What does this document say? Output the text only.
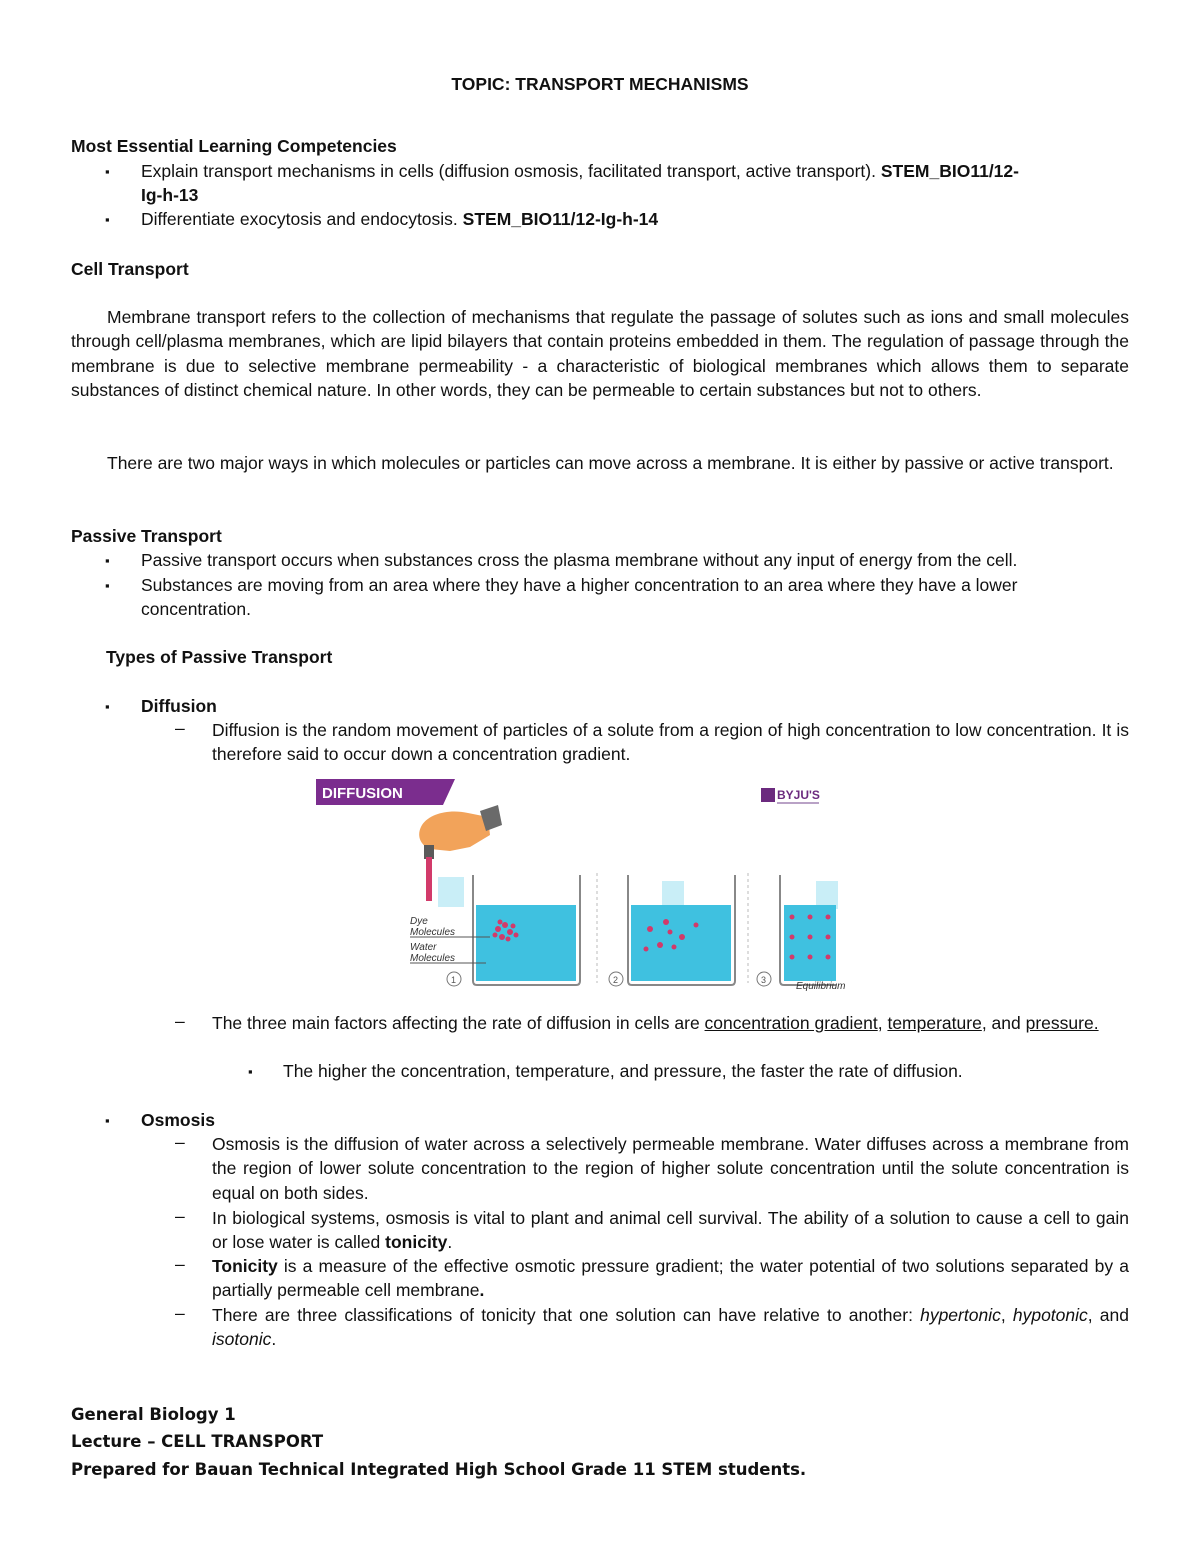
TOPIC: TRANSPORT MECHANISMS
Most Essential Learning Competencies
▪ Explain transport mechanisms in cells (diffusion osmosis, facilitated transport, active transport). STEM_BIO11/12-
Ig-h-13
▪ Differentiate exocytosis and endocytosis. STEM_BIO11/12-Ig-h-14
Cell Transport
Membrane transport refers to the collection of mechanisms that regulate the passage of solutes such as ions and small molecules through cell/plasma membranes, which are lipid bilayers that contain proteins embedded in them. The regulation of passage through the membrane is due to selective membrane permeability - a characteristic of biological membranes which allows them to separate substances of distinct chemical nature. In other words, they can be permeable to certain substances but not to others.
There are two major ways in which molecules or particles can move across a membrane. It is either by passive or active transport.
Passive Transport
▪ Passive transport occurs when substances cross the plasma membrane without any input of energy from the cell.
▪ Substances are moving from an area where they have a higher concentration to an area where they have a lower
concentration.
Types of Passive Transport
▪ Diffusion
– Diffusion is the random movement of particles of a solute from a region of high concentration to low concentration. It is therefore said to occur down a concentration gradient.
DIFFUSION	BYJU'S
Dye
Molecules
Water
Molecules
1	2	3
Equilibrium
– The three main factors affecting the rate of diffusion in cells are concentration gradient, temperature, and pressure.
▪ The higher the concentration, temperature, and pressure, the faster the rate of diffusion.
▪ Osmosis
– Osmosis is the diffusion of water across a selectively permeable membrane. Water diffuses across a membrane from the region of lower solute concentration to the region of higher solute concentration until the solute concentration is equal on both sides.
– In biological systems, osmosis is vital to plant and animal cell survival. The ability of a solution to cause a cell to gain or lose water is called tonicity.
– Tonicity is a measure of the effective osmotic pressure gradient; the water potential of two solutions separated by a partially permeable cell membrane.
– There are three classifications of tonicity that one solution can have relative to another: hypertonic, hypotonic, and isotonic.
General Biology 1
Lecture – CELL TRANSPORT
Prepared for Bauan Technical Integrated High School Grade 11 STEM students.
